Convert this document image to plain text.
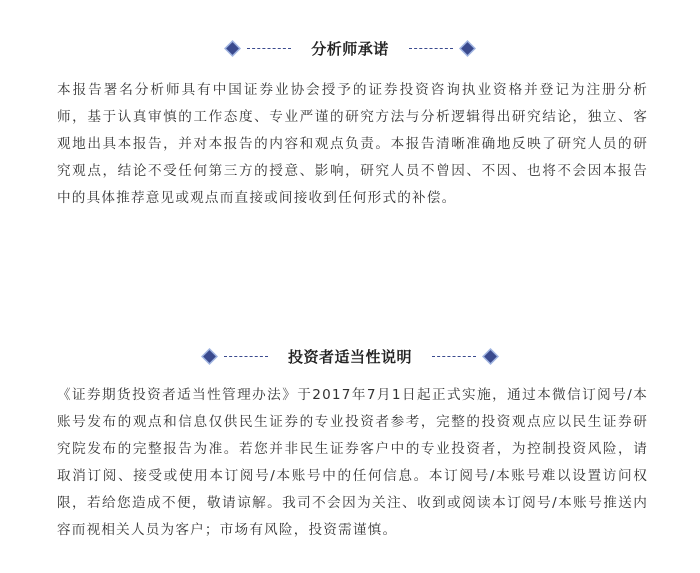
分析师承诺

本报告署名分析师具有中国证券业协会授予的证券投资咨询执业资格并登记为注册分析师，基于认真审慎的工作态度、专业严谨的研究方法与分析逻辑得出研究结论，独立、客观地出具本报告，并对本报告的内容和观点负责。本报告清晰准确地反映了研究人员的研究观点，结论不受任何第三方的授意、影响，研究人员不曾因、不因、也将不会因本报告中的具体推荐意见或观点而直接或间接收到任何形式的补偿。

投资者适当性说明

《证券期货投资者适当性管理办法》于2017年7月1日起正式实施，通过本微信订阅号/本账号发布的观点和信息仅供民生证券的专业投资者参考，完整的投资观点应以民生证券研究院发布的完整报告为准。若您并非民生证券客户中的专业投资者，为控制投资风险，请取消订阅、接受或使用本订阅号/本账号中的任何信息。本订阅号/本账号难以设置访问权限，若给您造成不便，敬请谅解。我司不会因为关注、收到或阅读本订阅号/本账号推送内容而视相关人员为客户；市场有风险，投资需谨慎。
